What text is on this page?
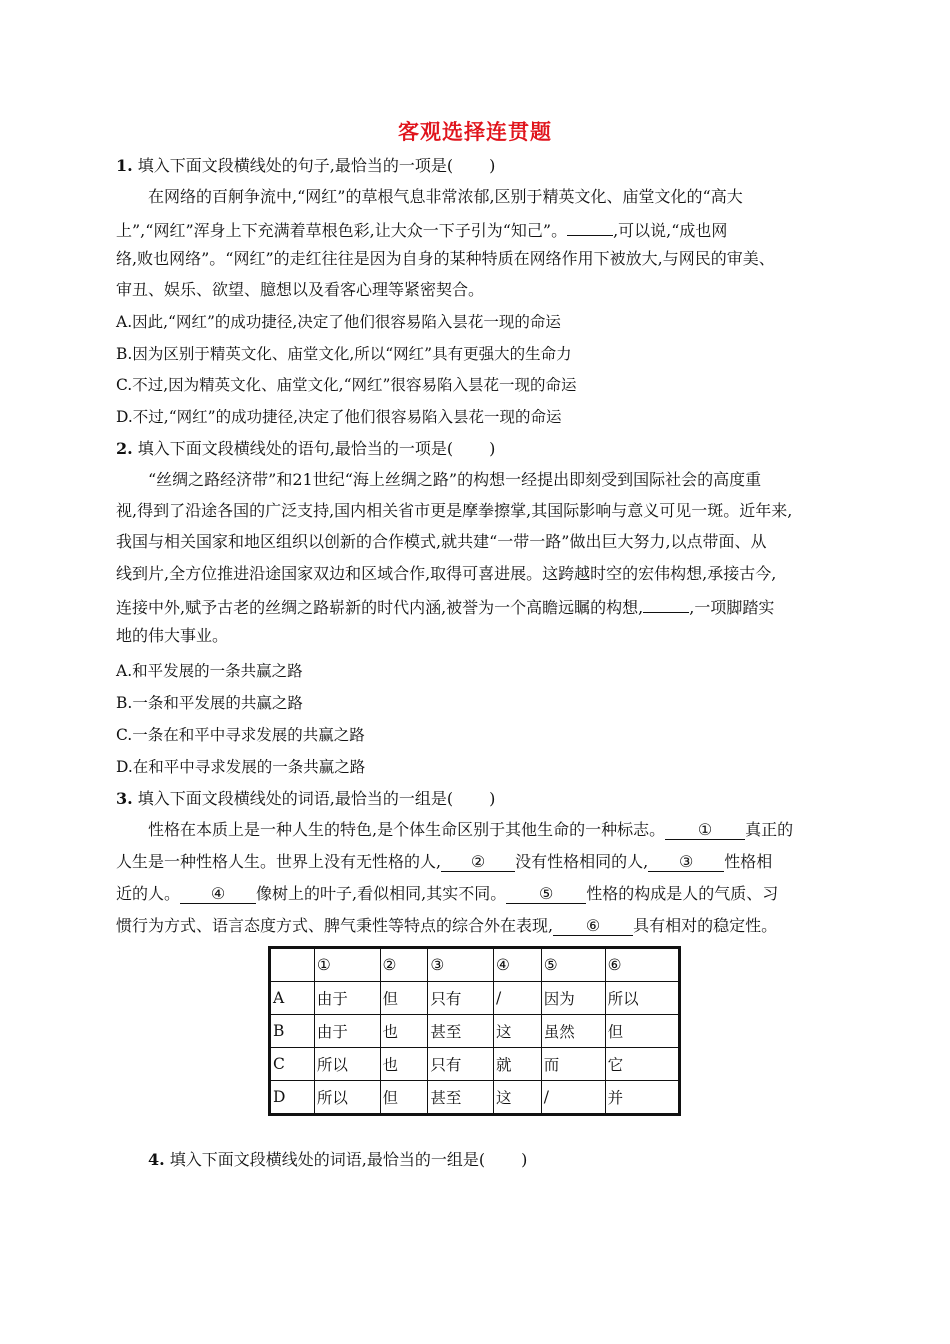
客观选择连贯题
1. 填入下面文段横线处的句子,最恰当的一项是( )
在网络的百舸争流中,“网红”的草根气息非常浓郁,区别于精英文化、庙堂文化的“高大
上”,“网红”浑身上下充满着草根色彩,让大众一下子引为“知己”。	,可以说,“成也网
络,败也网络”。“网红”的走红往往是因为自身的某种特质在网络作用下被放大,与网民的审美、
审丑、娱乐、欲望、臆想以及看客心理等紧密契合。
A.因此,“网红”的成功捷径,决定了他们很容易陷入昙花一现的命运
B.因为区别于精英文化、庙堂文化,所以“网红”具有更强大的生命力
C.不过,因为精英文化、庙堂文化,“网红”很容易陷入昙花一现的命运
D.不过,“网红”的成功捷径,决定了他们很容易陷入昙花一现的命运
2. 填入下面文段横线处的语句,最恰当的一项是( )
“丝绸之路经济带”和21世纪“海上丝绸之路”的构想一经提出即刻受到国际社会的高度重
视,得到了沿途各国的广泛支持,国内相关省市更是摩拳擦掌,其国际影响与意义可见一斑。近年来,
我国与相关国家和地区组织以创新的合作模式,就共建“一带一路”做出巨大努力,以点带面、从
线到片,全方位推进沿途国家双边和区域合作,取得可喜进展。这跨越时空的宏伟构想,承接古今,
连接中外,赋予古老的丝绸之路崭新的时代内涵,被誉为一个高瞻远瞩的构想,	,一项脚踏实
地的伟大事业。
A.和平发展的一条共赢之路
B.一条和平发展的共赢之路
C.一条在和平中寻求发展的共赢之路
D.在和平中寻求发展的一条共赢之路
3. 填入下面文段横线处的词语,最恰当的一组是( )
性格在本质上是一种人生的特色,是个体生命区别于其他生命的一种标志。 ① 真正的
人生是一种性格人生。世界上没有无性格的人, ② 没有性格相同的人, ③ 性格相
近的人。 ④ 像树上的叶子,看似相同,其实不同。 ⑤ 性格的构成是人的气质、习
惯行为方式、语言态度方式、脾气秉性等特点的综合外在表现, ⑥ 具有相对的稳定性。
	①	②	③	④	⑤	⑥
A	由于	但	只有	/	因为	所以
B	由于	也	甚至	这	虽然	但
C	所以	也	只有	就	而	它
D	所以	但	甚至	这	/	并
4. 填入下面文段横线处的词语,最恰当的一组是( )
